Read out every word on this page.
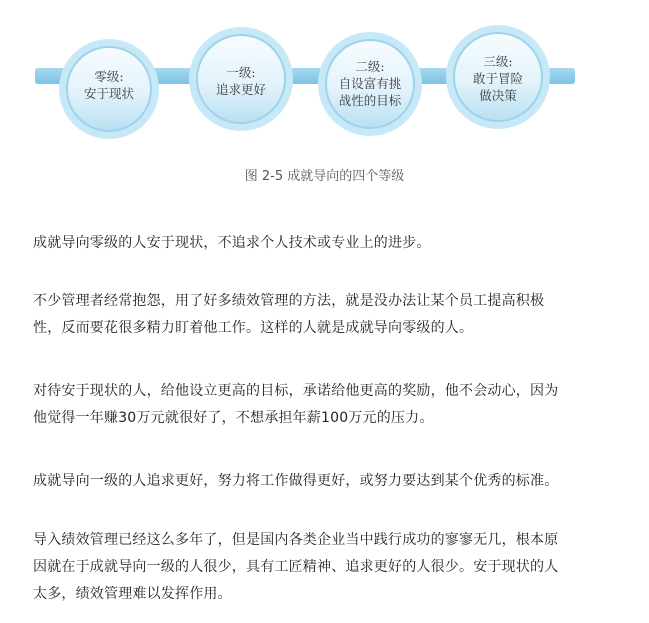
零级:
安于现状
一级:
追求更好
二级:
自设富有挑
战性的目标
三级:
敢于冒险
做决策
图 2-5 成就导向的四个等级
成就导向零级的人安于现状，不追求个人技术或专业上的进步。
不少管理者经常抱怨，用了好多绩效管理的方法，就是没办法让某个员工提高积极
性，反而要花很多精力盯着他工作。这样的人就是成就导向零级的人。
对待安于现状的人，给他设立更高的目标，承诺给他更高的奖励，他不会动心，因为
他觉得一年赚30万元就很好了，不想承担年薪100万元的压力。
成就导向一级的人追求更好，努力将工作做得更好，或努力要达到某个优秀的标准。
导入绩效管理已经这么多年了，但是国内各类企业当中践行成功的寥寥无几，根本原
因就在于成就导向一级的人很少，具有工匠精神、追求更好的人很少。安于现状的人
太多，绩效管理难以发挥作用。
